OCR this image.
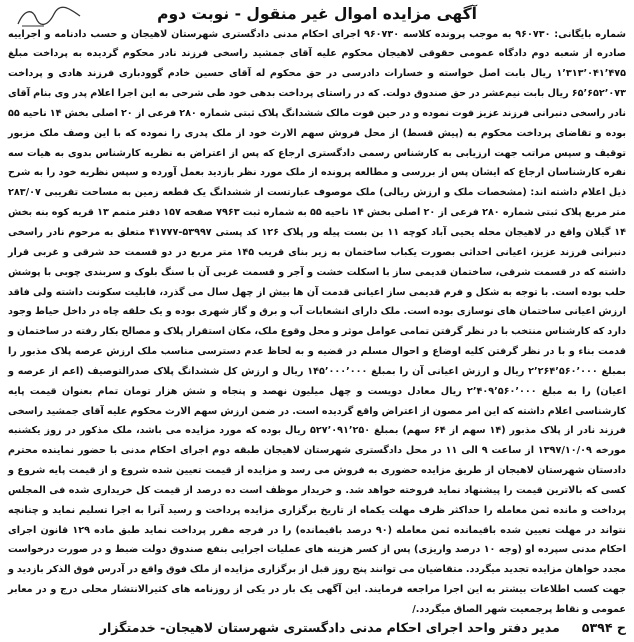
آگهی مزایده اموال غیر منقول - نوبت دوم
شماره بایگانی: ۹۶۰۷۳۰ به موجب پرونده کلاسه ۹۶۰۷۳۰ اجرای احکام مدنی دادگستری شهرستان لاهیجان و حسب دادنامه و اجراییه صادره از شعبه دوم دادگاه عمومی حقوقی لاهیجان محکوم علیه آقای جمشید راسخی فرزند نادر محکوم گردیده به پرداخت مبلغ ۱٬۳۱۳٬۰۴۱٬۴۷۵ ریال بابت اصل خواسته و خسارات دادرسی در حق محکوم له آقای حسین خادم گوودباری فرزند هادی و پرداخت ۶۵٬۶۵۲٬۰۷۳ ریال بابت نیم‌عشر در حق صندوق دولت. که در راستای پرداخت بدهی خود طی شرحی به این اجرا اعلام پدر وی بنام آقای نادر راسخی دنبرانی فرزند عزیز فوت نموده و در حین فوت مالک ششدانگ پلاک ثبتی شماره ۲۸۰ فرعی از ۲۰ اصلی بخش ۱۴ ناحیه ۵۵ بوده و تقاضای پرداخت محکوم به (پیش قسط) از محل فروش سهم الارث خود از ملک پدری را نموده که با این وصف ملک مزبور توقیف و سپس مراتب جهت ارزیابی به کارشناس رسمی دادگستری ارجاع که پس از اعتراض به نظریه کارشناس بدوی به هیات سه نفره کارشناسان ارجاع که ایشان پس از بررسی و مطالعه پرونده از ملک مورد نظر بازدید بعمل آورده و سپس نظریه خود را به شرح ذیل اعلام داشته اند: (مشخصات ملک و ارزش ریالی) ملک موصوف عبارتست از ششدانگ یک قطعه زمین به مساحت تقریبی ۲۸۳/۰۷ متر مربع پلاک ثبتی شماره ۲۸۰ فرعی از ۲۰ اصلی بخش ۱۴ ناحیه ۵۵ به شماره ثبت ۷۹۶۳ صفحه ۱۵۷ دفتر متمم ۱۳ قریه کوه بنه بخش ۱۴ گیلان واقع در لاهیجان محله یحیی آباد کوچه ۱۱ بن بست پیله ور پلاک ۱۲۶ کد پستی ۵۳۹۹۷-۴۱۷۷۷ متعلق به مرحوم نادر راسخی دنبرانی فرزند عزیز، اعیانی احداثی بصورت یکباب ساختمان به زیر بنای قریب ۱۴۵ متر مربع در دو قسمت حد شرقی و غربی قرار داشته که در قسمت شرقی، ساختمان قدیمی ساز با اسکلت خشت و آجر و قسمت غربی آن با سنگ بلوک و سربندی چوبی با پوشش حلب بوده است. با توجه به شکل و فرم قدیمی ساز اعیانی قدمت آن ها بیش از چهل سال می گذرد، قابلیت سکونت داشته ولی فاقد ارزش اعیانی ساختمان های نوسازی بوده است. ملک دارای انشعابات آب و برق و گاز شهری بوده و یک حلقه چاه در داخل حیاط وجود دارد که کارشناس منتخب با در نظر گرفتن تمامی عوامل موثر و محل وقوع ملک، مکان استقرار پلاک و مصالح بکار رفته در ساختمان و قدمت بناء و با در نظر گرفتن کلیه اوضاع و احوال مسلم در قضیه و به لحاظ عدم دسترسی مناسب ملک ارزش عرصه پلاک مذبور را بمبلغ ۲٬۲۶۴٬۵۶۰٬۰۰۰ ریال و ارزش اعیانی آن را بمبلغ ۱۴۵٬۰۰۰٬۰۰۰ ریال و ارزش کل ششدانگ پلاک صدرالتوصیف (اعم از عرصه و اعیان) را به مبلغ ۲٬۴۰۹٬۵۶۰٬۰۰۰ ریال معادل دویست و چهل میلیون نهصد و پنجاه و شش هزار تومان تمام بعنوان قیمت پایه کارشناسی اعلام داشته که این امر مصون از اعتراض واقع گردیده است. در ضمن ارزش سهم الارث محکوم علیه آقای جمشید راسخی فرزند نادر از پلاک مذبور (۱۴ سهم از ۶۴ سهم) بمبلغ ۵۲۷٬۰۹۱٬۲۵۰ ریال بوده که مورد مزایده می باشد، ملک مذکور در روز یکشنبه مورخه ۱۳۹۷/۱۰/۰۹ از ساعت ۹ الی ۱۱ در محل دادگستری شهرستان لاهیجان طبقه دوم اجرای احکام مدنی با حضور نماینده محترم دادستان شهرستان لاهیجان از طریق مزایده حضوری به فروش می رسد و مزایده از قیمت تعیین شده شروع و از قیمت پایه شروع و کسی که بالاترین قیمت را پیشنهاد نماید فروخته خواهد شد. و خریدار موظف است ده درصد از قیمت کل خریداری شده فی المجلس پرداخت و مانده ثمن معامله را حداکثر ظرف مهلت یکماه از تاریخ برگزاری مزایده پرداخت و رسید آنرا به اجرا تسلیم نماید و چنانچه نتواند در مهلت تعیین شده باقیمانده ثمن معامله (۹۰ درصد باقیمانده) را در فرجه مقرر پرداخت نماید طبق ماده ۱۲۹ قانون اجرای احکام مدنی سپرده او (وجه ۱۰ درصد واریزی) پس از کسر هزینه های عملیات اجرایی بنفع صندوق دولت ضبط و در صورت درخواست مجدد خواهان مزایده تجدید میگردد. متقاضیان می توانند پنج روز قبل از برگزاری مزایده از ملک فوق واقع در آدرس فوق الذکر بازدید و جهت کسب اطلاعات بیشتر به این اجرا مراجعه فرمایند. این آگهی یک بار در یکی از روزنامه های کثیرالانتشار محلی درج و در معابر عمومی و نقاط پرجمعیت شهر الصاق میگردد./
ح ۵۳۹۴
مدیر دفتر واحد اجرای احکام مدنی دادگستری شهرستان لاهیجان- خدمتگزار
